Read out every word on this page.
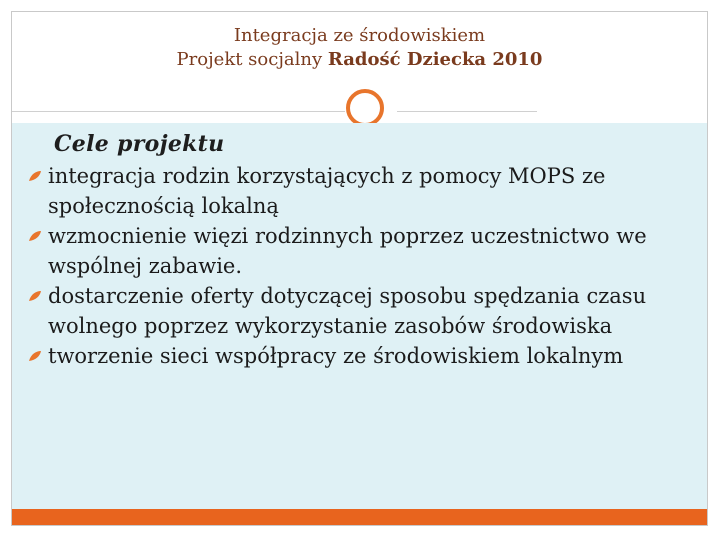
Integracja ze środowiskiem
Projekt socjalny Radość Dziecka 2010
Cele projektu
integracja rodzin korzystających z pomocy MOPS ze społecznością lokalną
wzmocnienie więzi rodzinnych poprzez uczestnictwo we wspólnej zabawie.
dostarczenie oferty dotyczącej sposobu spędzania czasu wolnego poprzez wykorzystanie zasobów środowiska
tworzenie sieci współpracy ze środowiskiem lokalnym
